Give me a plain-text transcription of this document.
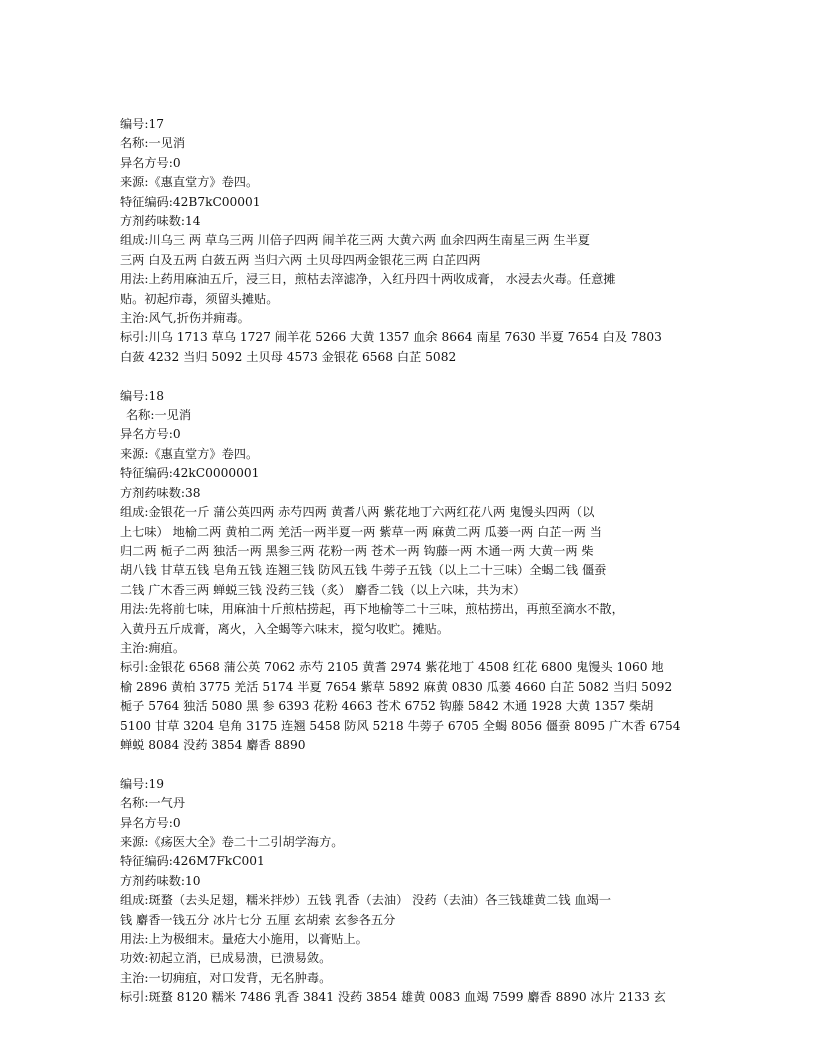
编号:17
名称:一见消
异名方号:0
来源:《惠直堂方》卷四。
特征编码:42B7kC00001
方剂药味数:14
组成:川乌三 两 草乌三两 川倍子四两 闹羊花三两 大黄六两 血余四两生南星三两 生半夏
三两 白及五两 白蔹五两 当归六两 土贝母四两金银花三两 白芷四两
用法:上药用麻油五斤，浸三日，煎枯去滓滤净，入红丹四十两收成膏， 水浸去火毒。任意摊
贴。初起疖毒，须留头摊贴。
主治:风气,折伤并痈毒。
标引:川乌 1713 草乌 1727 闹羊花 5266 大黄 1357 血余 8664 南星 7630 半夏 7654 白及 7803
白蔹 4232 当归 5092 土贝母 4573 金银花 6568 白芷 5082
编号:18
名称:一见消
异名方号:0
来源:《惠直堂方》卷四。
特征编码:42kC0000001
方剂药味数:38
组成:金银花一斤 蒲公英四两 赤芍四两 黄耆八两 紫花地丁六两红花八两 鬼馒头四两（以
上七味） 地榆二两 黄柏二两 羌活一两半夏一两 紫草一两 麻黄二两 瓜蒌一两 白芷一两 当
归二两 栀子二两 独活一两 黑参三两 花粉一两 苍术一两 钩藤一两 木通一两 大黄一两 柴
胡八钱 甘草五钱 皂角五钱 连翘三钱 防风五钱 牛蒡子五钱（以上二十三味）全蝎二钱 僵蚕
二钱 广木香三两 蝉蜕三钱 没药三钱（炙） 麝香二钱（以上六味，共为末）
用法:先将前七味，用麻油十斤煎枯捞起，再下地榆等二十三味，煎枯捞出，再煎至滴水不散，
入黄丹五斤成膏，离火，入全蝎等六味末，搅匀收贮。摊贴。
主治:痈疽。
标引:金银花 6568 蒲公英 7062 赤芍 2105 黄耆 2974 紫花地丁 4508 红花 6800 鬼馒头 1060 地
榆 2896 黄柏 3775 羌活 5174 半夏 7654 紫草 5892 麻黄 0830 瓜蒌 4660 白芷 5082 当归 5092
栀子 5764 独活 5080 黑 参 6393 花粉 4663 苍术 6752 钩藤 5842 木通 1928 大黄 1357 柴胡
5100 甘草 3204 皂角 3175 连翘 5458 防风 5218 牛蒡子 6705 全蝎 8056 僵蚕 8095 广木香 6754
蝉蜕 8084 没药 3854 麝香 8890
编号:19
名称:一气丹
异名方号:0
来源:《疡医大全》卷二十二引胡学海方。
特征编码:426M7FkC001
方剂药味数:10
组成:斑蝥（去头足翅，糯米拌炒）五钱 乳香（去油） 没药（去油）各三钱雄黄二钱 血竭一
钱 麝香一钱五分 冰片七分 五厘 玄胡索 玄参各五分
用法:上为极细末。量疮大小施用，以膏贴上。
功效:初起立消，已成易溃，已溃易敛。
主治:一切痈疽，对口发背，无名肿毒。
标引:斑蝥 8120 糯米 7486 乳香 3841 没药 3854 雄黄 0083 血竭 7599 麝香 8890 冰片 2133 玄
